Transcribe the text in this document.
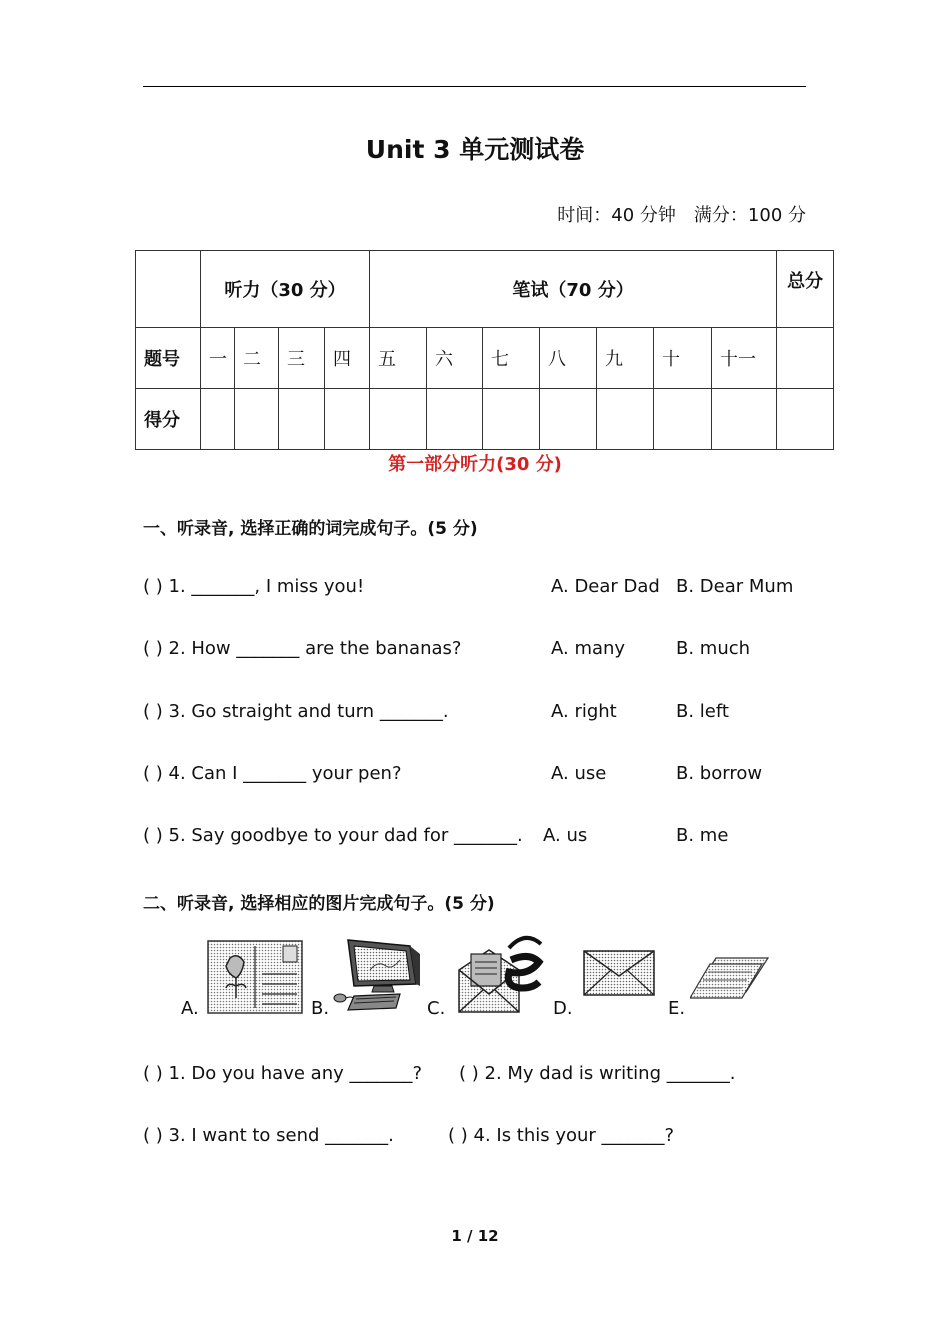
Unit 3 单元测试卷
时间：40 分钟 满分：100 分
	听力（30 分）				笔试（70 分）							总分
题号	一	二	三	四	五	六	七	八	九	十	十一	
得分												
第一部分听力(30 分)
一、听录音, 选择正确的词完成句子。(5 分)
( ) 1. _______, I miss you!	A. Dear Dad B. Dear Mum
( ) 2. How _______ are the bananas?	A. many	B. much
( ) 3. Go straight and turn _______.	A. right	B. left
( ) 4. Can I _______ your pen?	A. use	B. borrow
( ) 5. Say goodbye to your dad for _______. A. us	B. me
二、听录音, 选择相应的图片完成句子。(5 分)
A.	B.	C.	D.	E.
( ) 1. Do you have any _______? ( ) 2. My dad is writing _______.
( ) 3. I want to send _______.	( ) 4. Is this your _______?
1 / 12
